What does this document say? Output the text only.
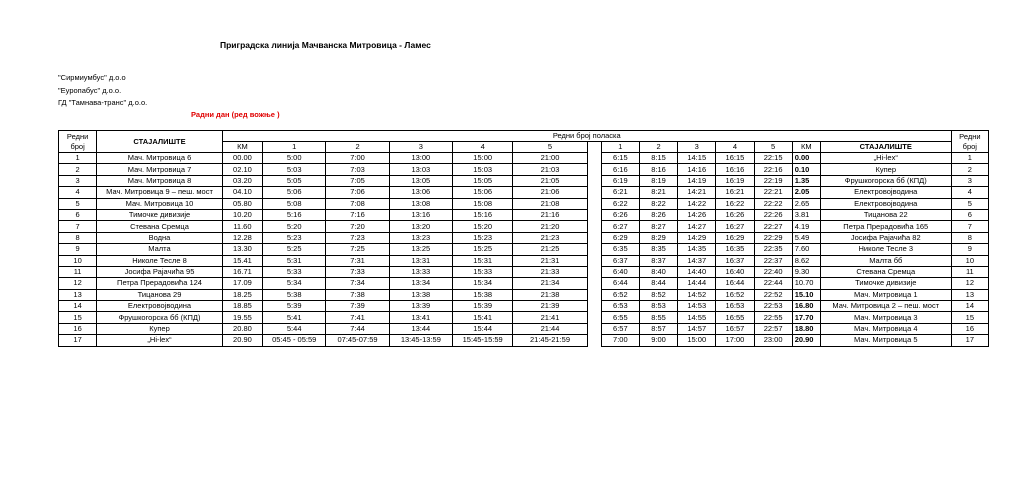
Приградска линија Мачванска Митровица - Ламес
"Сирмиумбус" д.о.о
"Еуропабус" д.о.о.
ГД "Тамнава-транс" д.о.о.
Радни дан (ред вожње )
Редни број	СТАЈАЛИШТЕ	Редни број поласка														Редни број
		КМ	1	2	3	4	5		1	2	3	4	5	КМ	СТАЈАЛИШТЕ	
1	Мач. Митровица 6	00.00	5:00	7:00	13:00	15:00	21:00		6:15	8:15	14:15	16:15	22:15	0.00	„Hi-lex“	1
2	Мач. Митровица 7	02.10	5:03	7:03	13:03	15:03	21:03		6:16	8:16	14:16	16:16	22:16	0.10	Купер	2
3	Мач. Митровица 8	03.20	5:05	7:05	13:05	15:05	21:05		6:19	8:19	14:19	16:19	22:19	1.35	Фрушкогорска бб (КПД)	3
4	Мач. Митровица 9 – пеш. мост	04.10	5:06	7:06	13:06	15:06	21:06		6:21	8:21	14:21	16:21	22:21	2.05	Електровојводина	4
5	Мач. Митровица 10	05.80	5:08	7:08	13:08	15:08	21:08		6:22	8:22	14:22	16:22	22:22	2.65	Електровојводина	5
6	Тимочке дивизије	10.20	5:16	7:16	13:16	15:16	21:16		6:26	8:26	14:26	16:26	22:26	3.81	Тицанова 22	6
7	Стевана Сремца	11.60	5:20	7:20	13:20	15:20	21:20		6:27	8:27	14:27	16:27	22:27	4.19	Петра Прерадовића 165	7
8	Водна	12.28	5:23	7:23	13:23	15:23	21:23		6:29	8:29	14:29	16:29	22:29	5.49	Јосифа Рајачића 82	8
9	Малта	13.30	5:25	7:25	13:25	15:25	21:25		6:35	8:35	14:35	16:35	22:35	7.60	Николе Тесле 3	9
10	Николе Тесле 8	15.41	5:31	7:31	13:31	15:31	21:31		6:37	8:37	14:37	16:37	22:37	8.62	Малта бб	10
11	Јосифа Рајачића 95	16.71	5:33	7:33	13:33	15:33	21:33		6:40	8:40	14:40	16:40	22:40	9.30	Стевана Сремца	11
12	Петра Прерадовића 124	17.09	5:34	7:34	13:34	15:34	21:34		6:44	8:44	14:44	16:44	22:44	10.70	Тимочке дивизије	12
13	Тицанова 29	18.25	5:38	7:38	13:38	15:38	21:38		6:52	8:52	14:52	16:52	22:52	15.10	Мач. Митровица 1	13
14	Електровојводина	18.85	5:39	7:39	13:39	15:39	21:39		6:53	8:53	14:53	16:53	22:53	16.80	Мач. Митровица 2 – пеш. мост	14
15	Фрушкогорска бб (КПД)	19.55	5:41	7:41	13:41	15:41	21:41		6:55	8:55	14:55	16:55	22:55	17.70	Мач. Митровица 3	15
16	Купер	20.80	5:44	7:44	13:44	15:44	21:44		6:57	8:57	14:57	16:57	22:57	18.80	Мач. Митровица 4	16
17	„Hi-lex“	20.90	05:45 - 05:59	07:45-07:59	13:45-13:59	15:45-15:59	21:45-21:59		7:00	9:00	15:00	17:00	23:00	20.90	Мач. Митровица 5	17
